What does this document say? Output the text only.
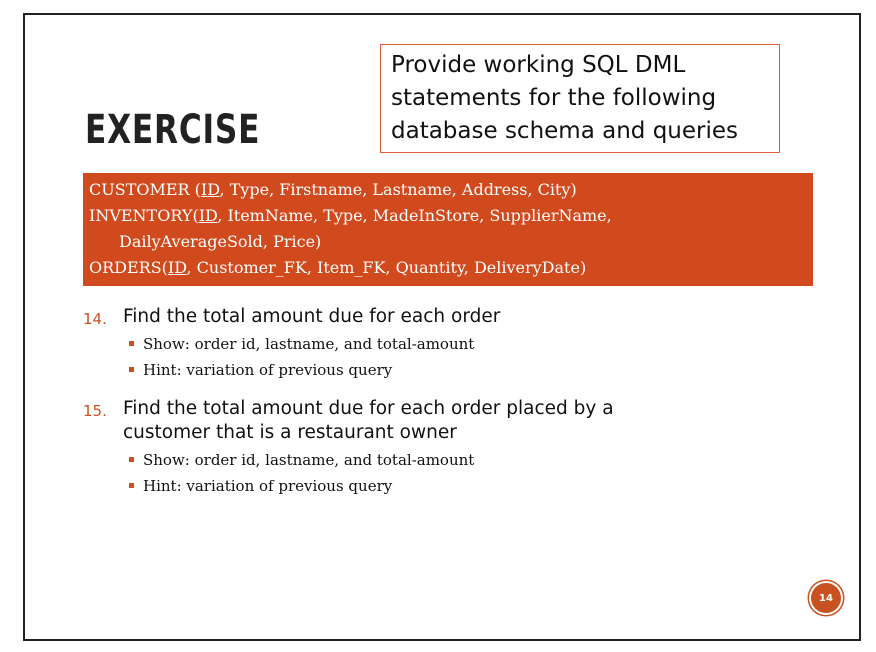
EXERCISE
Provide working SQL DML
statements for the following
database schema and queries
CUSTOMER (ID, Type, Firstname, Lastname, Address, City)
INVENTORY(ID, ItemName, Type, MadeInStore, SupplierName,
DailyAverageSold, Price)
ORDERS(ID, Customer_FK, Item_FK, Quantity, DeliveryDate)
14. Find the total amount due for each order
Show: order id, lastname, and total-amount
Hint: variation of previous query
15. Find the total amount due for each order placed by a
customer that is a restaurant owner
Show: order id, lastname, and total-amount
Hint: variation of previous query
14
